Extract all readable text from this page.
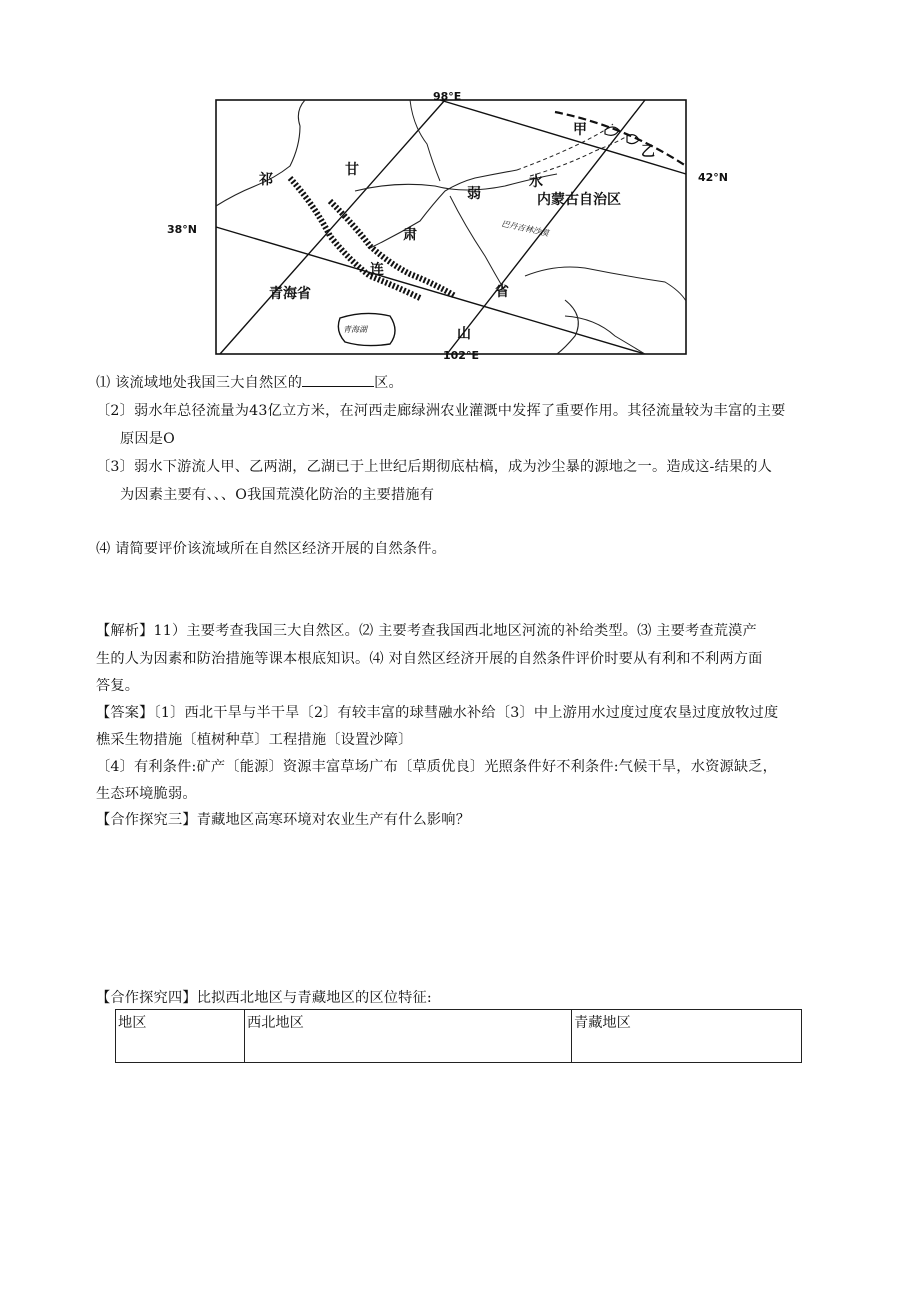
98°E
102°E
42°N
38°N
甲
乙
祁
甘
肃
连
省
山
弱
水
内蒙古自治区
巴丹吉林沙漠
青海省
青海湖
⑴ 该流域地处我国三大自然区的	区。
〔2〕弱水年总径流量为43亿立方米，在河西走廊绿洲农业灌溉中发挥了重要作用。其径流量较为丰富的主要
原因是O
〔3〕弱水下游流人甲、乙两湖，乙湖已于上世纪后期彻底枯槁，成为沙尘暴的源地之一。造成这-结果的人
为因素主要有、、、O我国荒漠化防治的主要措施有
⑷ 请简要评价该流域所在自然区经济开展的自然条件。
【解析】11）主要考查我国三大自然区。⑵ 主要考查我国西北地区河流的补给类型。⑶ 主要考查荒漠产
生的人为因素和防治措施等课本根底知识。⑷ 对自然区经济开展的自然条件评价时要从有利和不利两方面
答复。
【答案】〔1〕西北干旱与半干旱〔2〕有较丰富的球彗融水补给〔3〕中上游用水过度过度农垦过度放牧过度
樵采生物措施〔植树种草〕工程措施〔设置沙障〕
〔4〕有利条件:矿产〔能源〕资源丰富草场广布〔草质优良〕光照条件好不利条件:气候干旱，水资源缺乏，
生态环境脆弱。
【合作探究三】青藏地区高寒环境对农业生产有什么影响？
【合作探究四】比拟西北地区与青藏地区的区位特征:
地区	西北地区	青藏地区
